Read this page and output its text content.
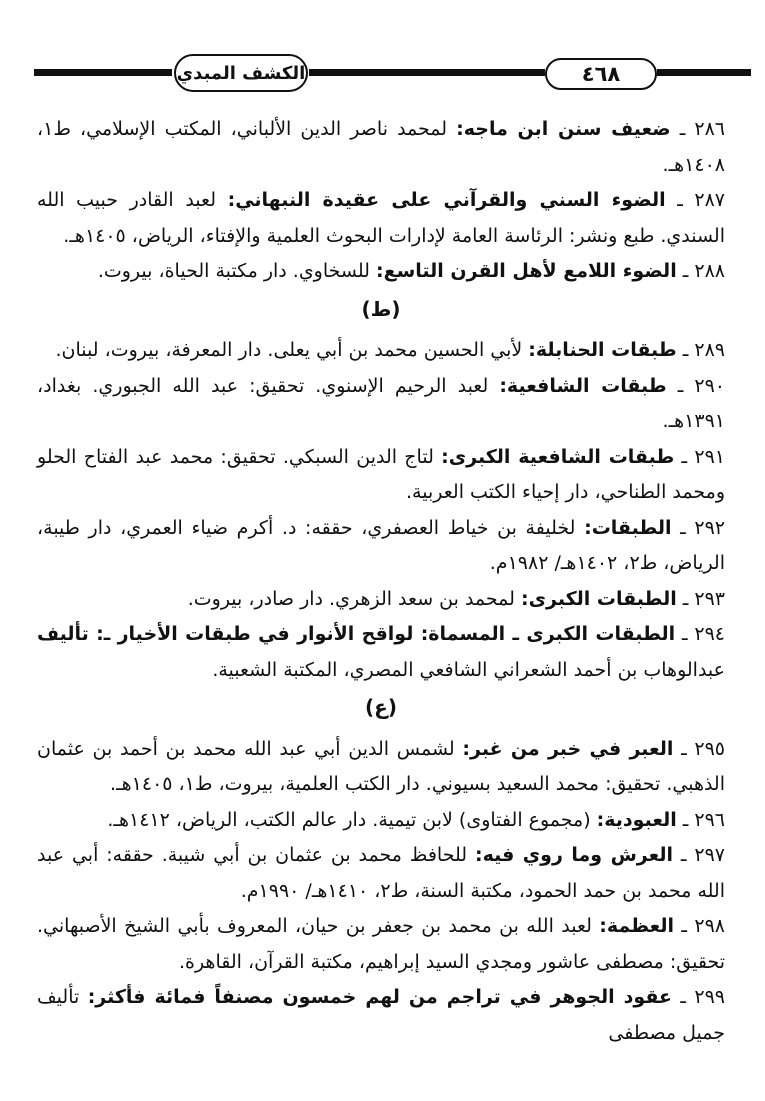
٤٦٨
الكشف المبدي

٢٨٦ ـ ضعيف سنن ابن ماجه: لمحمد ناصر الدين الألباني، المكتب الإسلامي، ط١، ١٤٠٨هـ.

٢٨٧ ـ الضوء السني والقرآني على عقيدة النبهاني: لعبد القادر حبيب الله السندي. طبع ونشر: الرئاسة العامة لإدارات البحوث العلمية والإفتاء، الرياض، ١٤٠٥هـ.

٢٨٨ ـ الضوء اللامع لأهل القرن التاسع: للسخاوي. دار مكتبة الحياة، بيروت.

(ط)

٢٨٩ ـ طبقات الحنابلة: لأبي الحسين محمد بن أبي يعلى. دار المعرفة، بيروت، لبنان.

٢٩٠ ـ طبقات الشافعية: لعبد الرحيم الإسنوي. تحقيق: عبد الله الجبوري. بغداد، ١٣٩١هـ.

٢٩١ ـ طبقات الشافعية الكبرى: لتاج الدين السبكي. تحقيق: محمد عبد الفتاح الحلو ومحمد الطناحي، دار إحياء الكتب العربية.

٢٩٢ ـ الطبقات: لخليفة بن خياط العصفري، حققه: د. أكرم ضياء العمري، دار طيبة، الرياض، ط٢، ١٤٠٢هـ/ ١٩٨٢م.

٢٩٣ ـ الطبقات الكبرى: لمحمد بن سعد الزهري. دار صادر، بيروت.

٢٩٤ ـ الطبقات الكبرى ـ المسماة: لواقح الأنوار في طبقات الأخيار ـ: تأليف عبدالوهاب بن أحمد الشعراني الشافعي المصري، المكتبة الشعبية.

(ع)

٢٩٥ ـ العبر في خبر من غبر: لشمس الدين أبي عبد الله محمد بن أحمد بن عثمان الذهبي. تحقيق: محمد السعيد بسيوني. دار الكتب العلمية، بيروت، ط١، ١٤٠٥هـ.

٢٩٦ ـ العبودية: (مجموع الفتاوى) لابن تيمية. دار عالم الكتب، الرياض، ١٤١٢هـ.

٢٩٧ ـ العرش وما روي فيه: للحافظ محمد بن عثمان بن أبي شيبة. حققه: أبي عبد الله محمد بن حمد الحمود، مكتبة السنة، ط٢، ١٤١٠هـ/ ١٩٩٠م.

٢٩٨ ـ العظمة: لعبد الله بن محمد بن جعفر بن حيان، المعروف بأبي الشيخ الأصبهاني. تحقيق: مصطفى عاشور ومجدي السيد إبراهيم، مكتبة القرآن، القاهرة.

٢٩٩ ـ عقود الجوهر في تراجم من لهم خمسون مصنفاً فمائة فأكثر: تأليف جميل مصطفى
